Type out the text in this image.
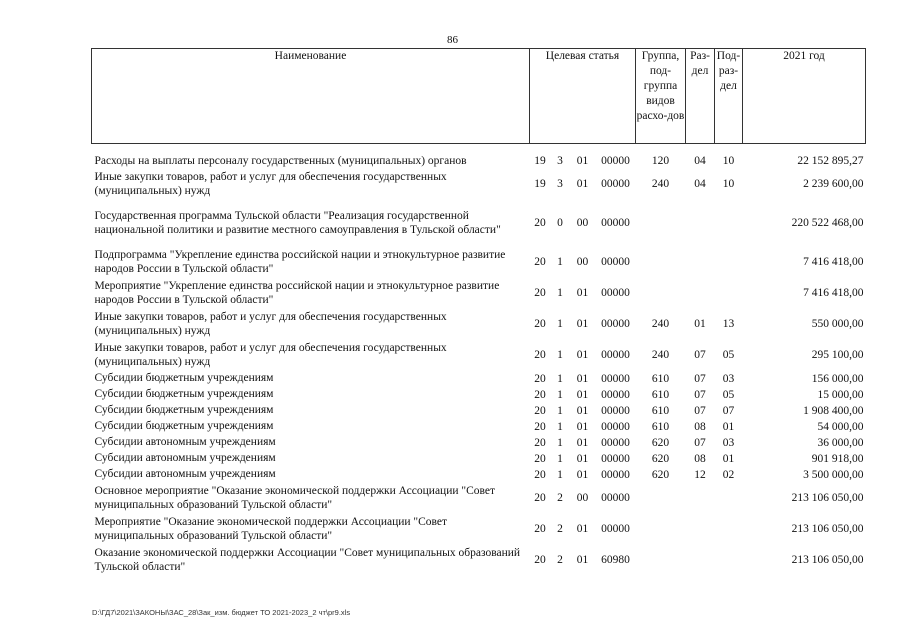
86
Наименование	Целевая статья				Группа, под-группа видов расхо-дов	Раз-дел	Под-раз-дел	2021 год
Расходы на выплаты персоналу государственных (муниципальных) органов	19	3	01	00000	120	04	10	22 152 895,27
Иные закупки товаров, работ и услуг для обеспечения государственных (муниципальных) нужд	19	3	01	00000	240	04	10	2 239 600,00
Государственная программа Тульской области "Реализация государственной национальной политики и развитие местного самоуправления в Тульской области"	20	0	00	00000				220 522 468,00
Подпрограмма "Укрепление единства российской нации и этнокультурное развитие народов России в Тульской области"	20	1	00	00000				7 416 418,00
Мероприятие "Укрепление единства российской нации и этнокультурное развитие народов России в Тульской области"	20	1	01	00000				7 416 418,00
Иные закупки товаров, работ и услуг для обеспечения государственных (муниципальных) нужд	20	1	01	00000	240	01	13	550 000,00
Иные закупки товаров, работ и услуг для обеспечения государственных (муниципальных) нужд	20	1	01	00000	240	07	05	295 100,00
Субсидии бюджетным учреждениям	20	1	01	00000	610	07	03	156 000,00
Субсидии бюджетным учреждениям	20	1	01	00000	610	07	05	15 000,00
Субсидии бюджетным учреждениям	20	1	01	00000	610	07	07	1 908 400,00
Субсидии бюджетным учреждениям	20	1	01	00000	610	08	01	54 000,00
Субсидии автономным учреждениям	20	1	01	00000	620	07	03	36 000,00
Субсидии автономным учреждениям	20	1	01	00000	620	08	01	901 918,00
Субсидии автономным учреждениям	20	1	01	00000	620	12	02	3 500 000,00
Основное мероприятие "Оказание экономической поддержки Ассоциации "Совет муниципальных образований Тульской области"	20	2	00	00000				213 106 050,00
Мероприятие "Оказание экономической поддержки Ассоциации "Совет муниципальных образований Тульской области"	20	2	01	00000				213 106 050,00
Оказание экономической поддержки Ассоциации "Совет муниципальных образований Тульской области"	20	2	01	60980				213 106 050,00
D:\ГД7\2021\ЗАКОНЫ\ЗАС_28\Зак_изм. бюджет ТО 2021-2023_2 чт\pr9.xls
